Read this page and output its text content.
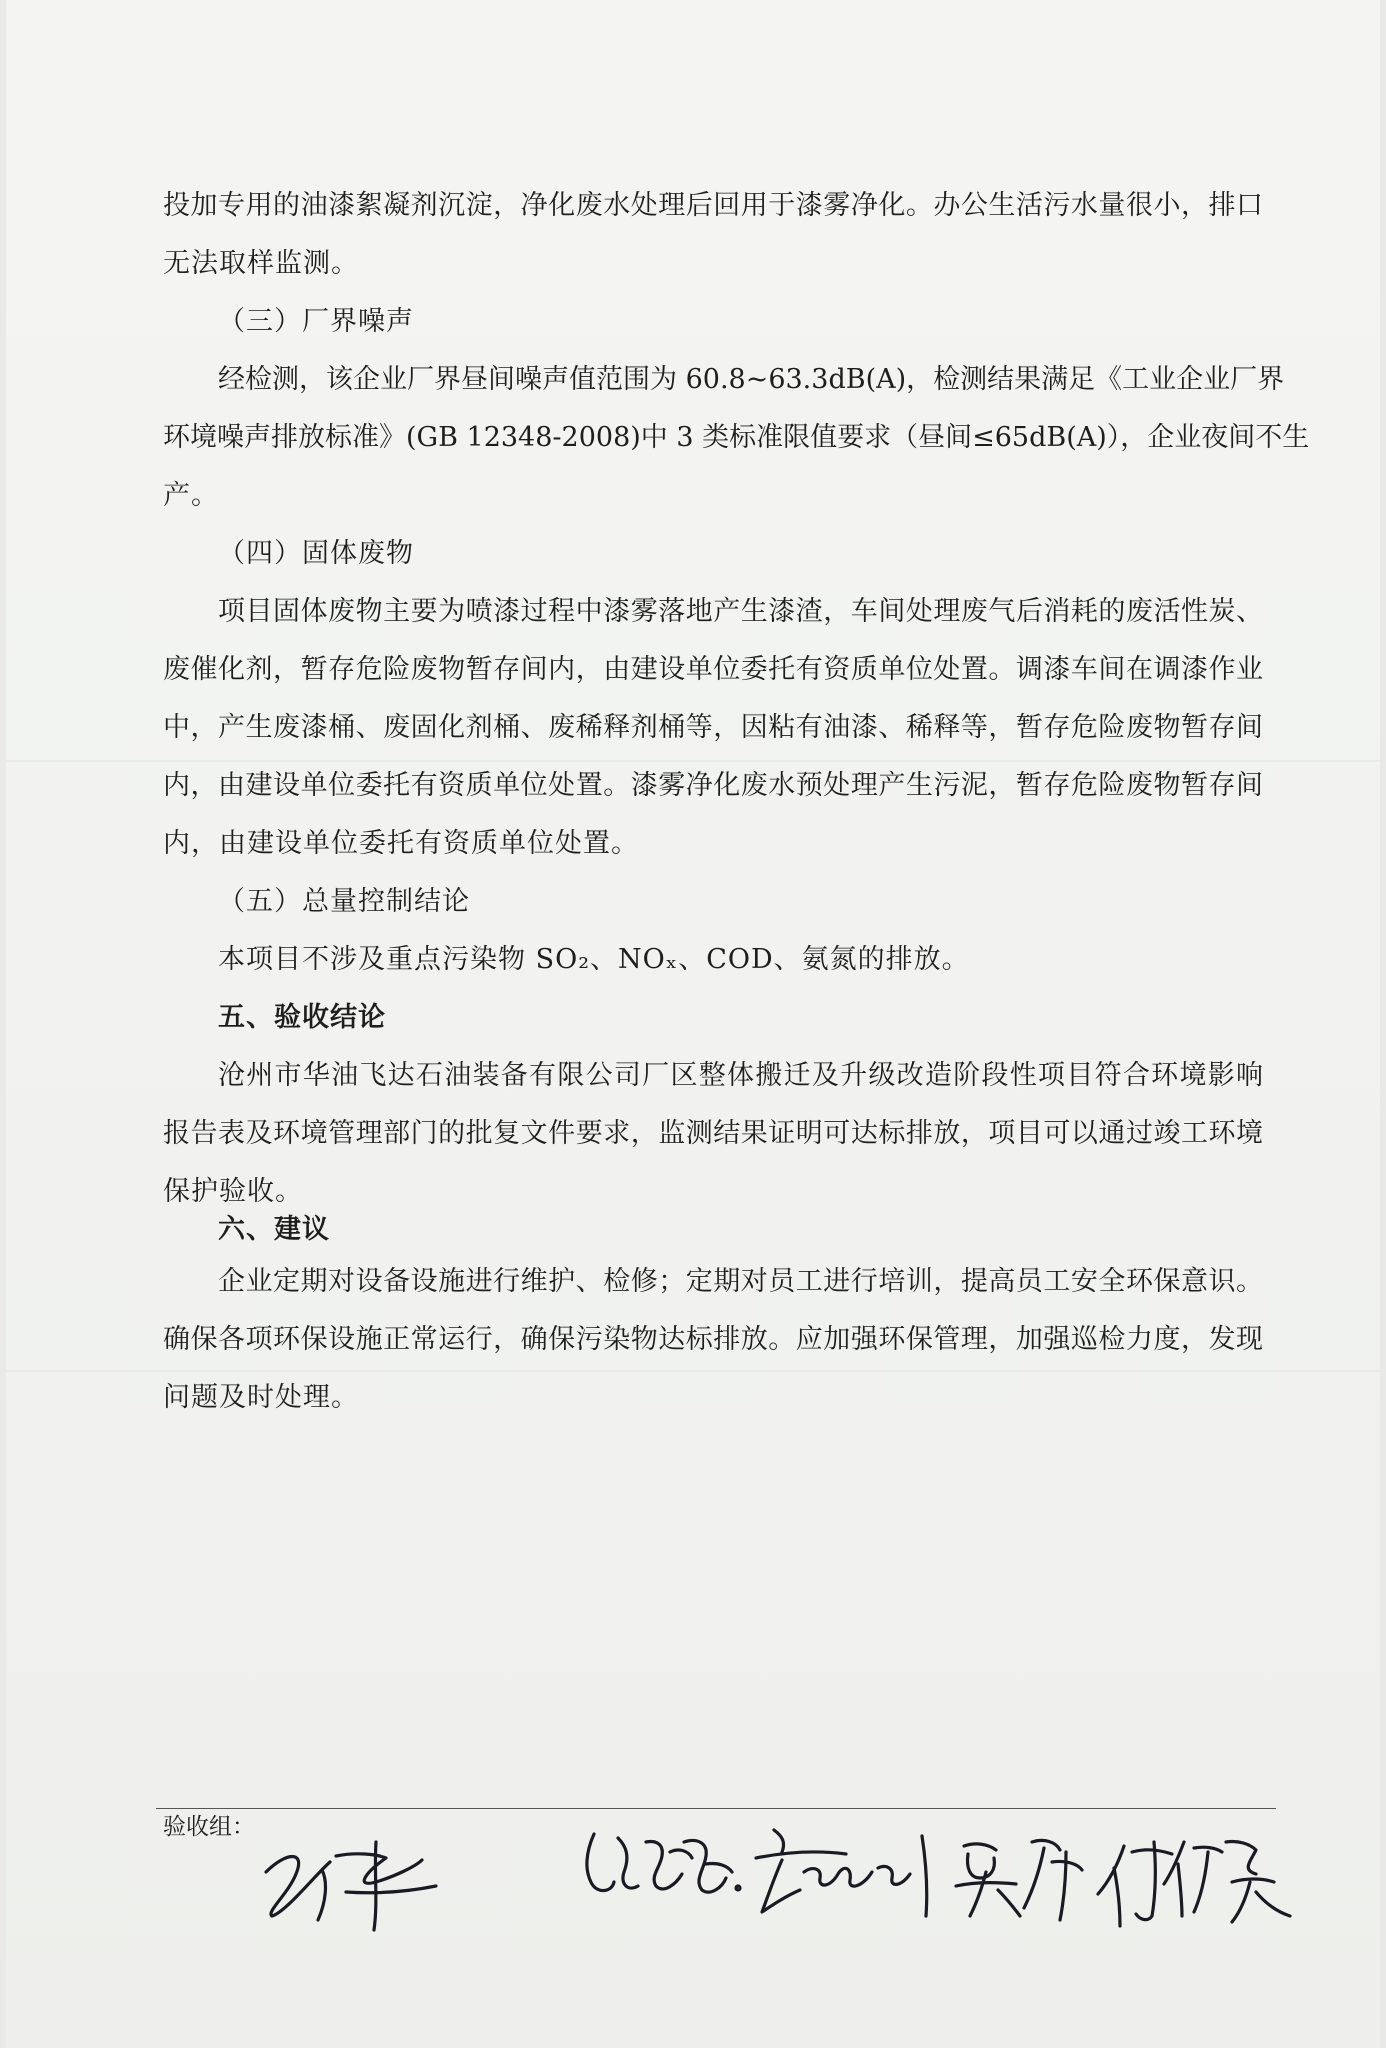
投加专用的油漆絮凝剂沉淀，净化废水处理后回用于漆雾净化。办公生活污水量很小，排口
无法取样监测。
（三）厂界噪声
经检测，该企业厂界昼间噪声值范围为 60.8~63.3dB(A)，检测结果满足《工业企业厂界
环境噪声排放标准》(GB 12348-2008)中 3 类标准限值要求（昼间≤65dB(A)），企业夜间不生
产。
（四）固体废物
项目固体废物主要为喷漆过程中漆雾落地产生漆渣，车间处理废气后消耗的废活性炭、
废催化剂，暂存危险废物暂存间内，由建设单位委托有资质单位处置。调漆车间在调漆作业
中，产生废漆桶、废固化剂桶、废稀释剂桶等，因粘有油漆、稀释等，暂存危险废物暂存间
内，由建设单位委托有资质单位处置。漆雾净化废水预处理产生污泥，暂存危险废物暂存间
内，由建设单位委托有资质单位处置。
（五）总量控制结论
本项目不涉及重点污染物 SO₂、NOₓ、COD、氨氮的排放。
五、验收结论
沧州市华油飞达石油装备有限公司厂区整体搬迁及升级改造阶段性项目符合环境影响
报告表及环境管理部门的批复文件要求，监测结果证明可达标排放，项目可以通过竣工环境
保护验收。
六、建议
企业定期对设备设施进行维护、检修；定期对员工进行培训，提高员工安全环保意识。
确保各项环保设施正常运行，确保污染物达标排放。应加强环保管理，加强巡检力度，发现
问题及时处理。
验收组：
